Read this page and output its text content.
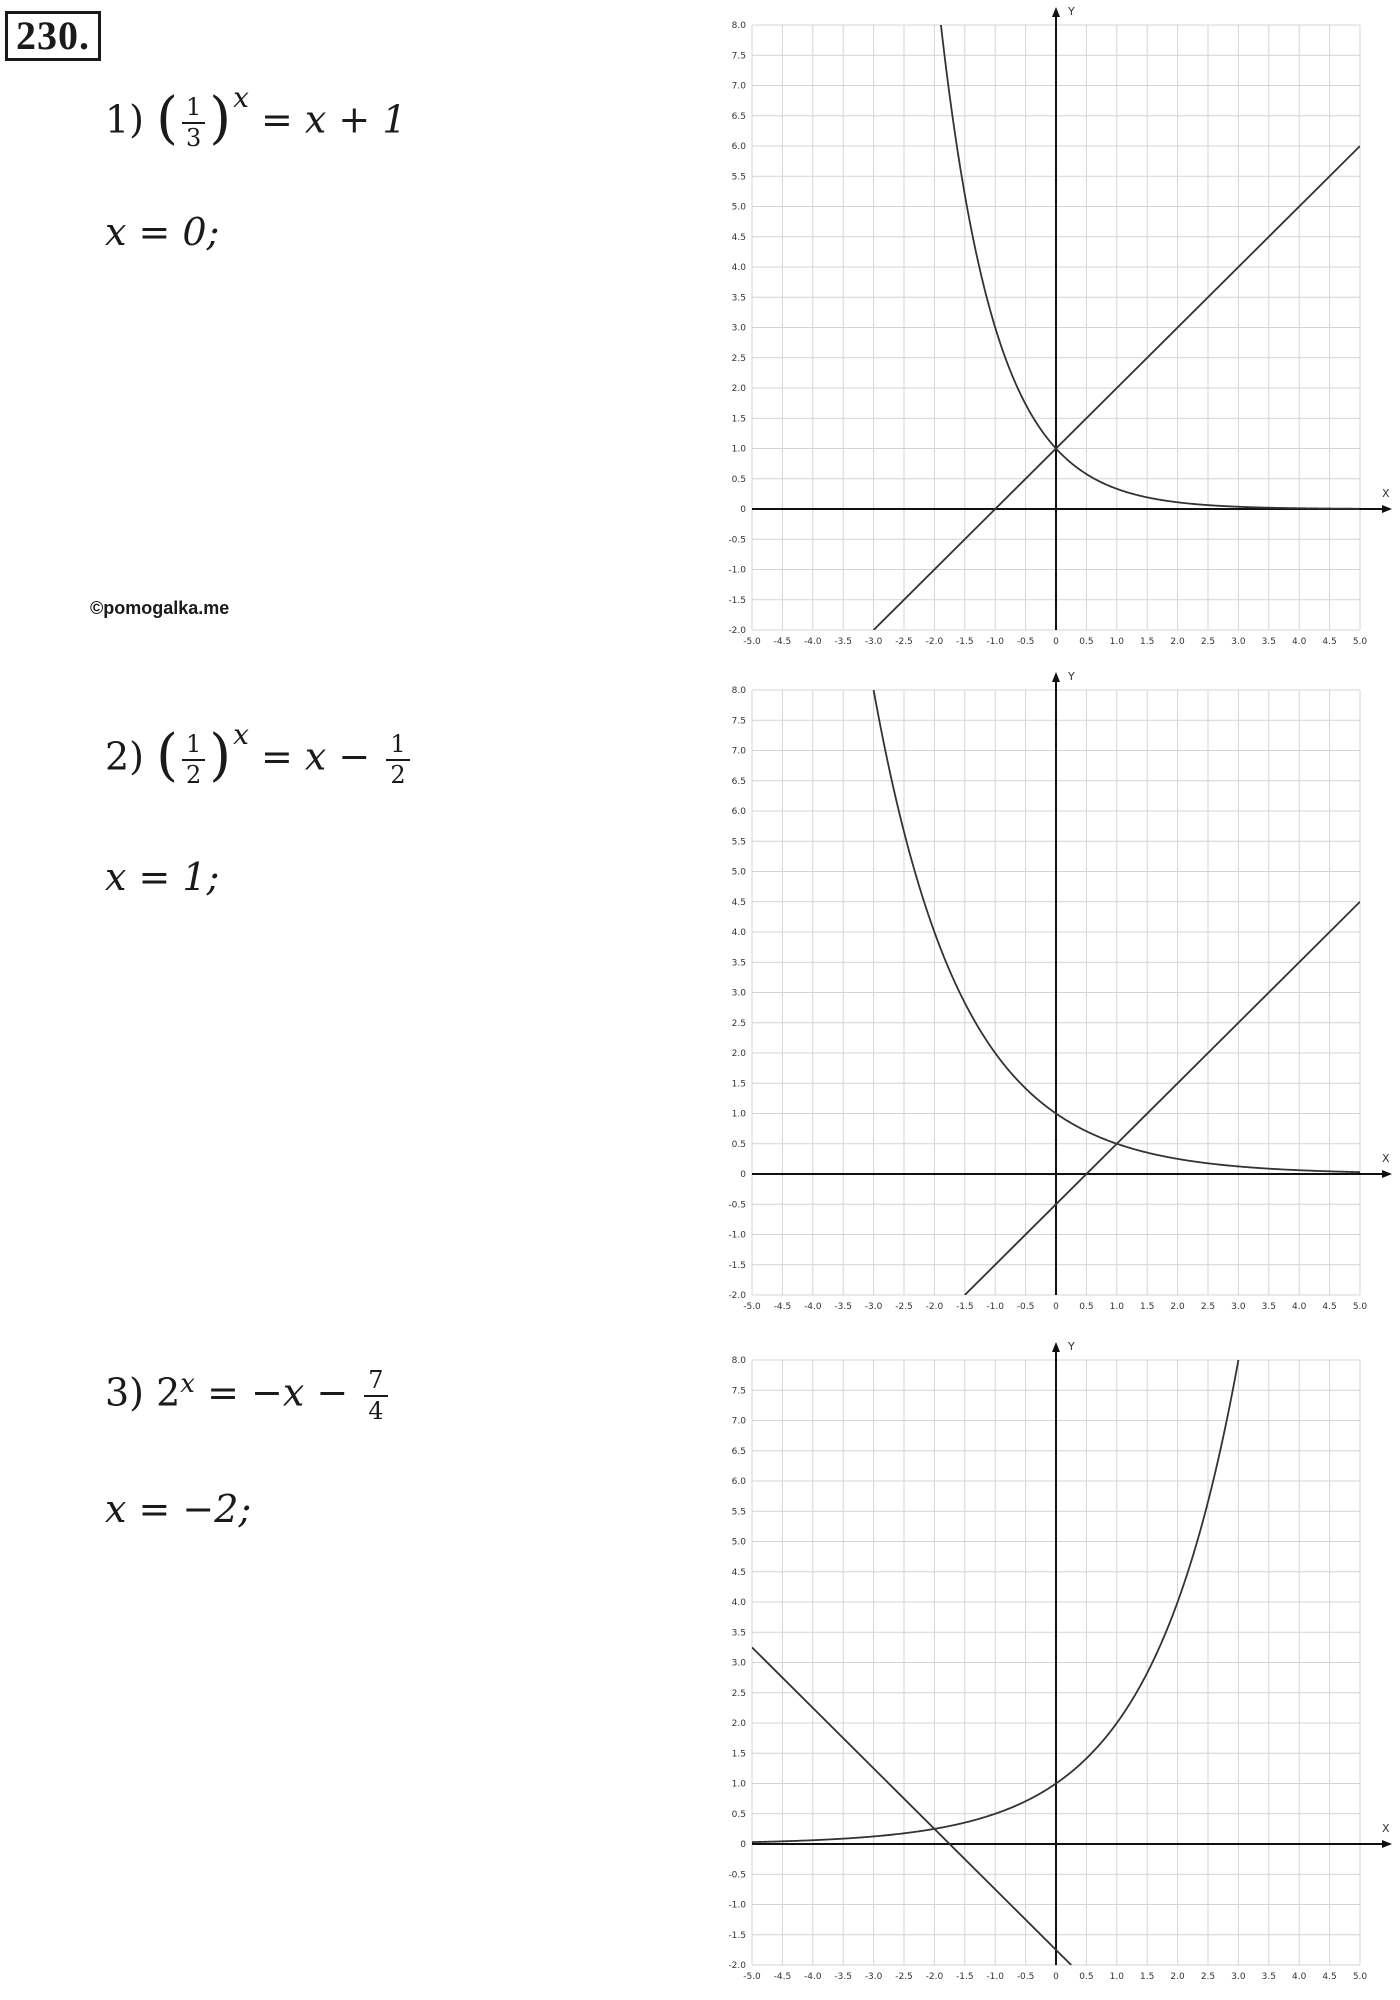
230.
1) ( $\frac{1}{3} )x = x + 1$
x = 0;
©pomogalka.me
2) ( $\frac{1}{2} )x = x - \frac{1}{2}$
x = 1;
3) $2^x = -x - \frac{7}{4}$
x = −2;
-5.0 -4.5 -4.0 -3.5 -3.0 -2.5 -2.0 -1.5 -1.0 -0.5 0 0.5 1.0 1.5 2.0 2.5 3.0 3.5 4.0 4.5 5.0
-2.0
-1.5
-1.0
-0.5
0
0.5
1.0
1.5
2.0
2.5
3.0
3.5
4.0
4.5
5.0
5.5
6.0
6.5
7.0
7.5
8.0
X
Y
-5.0 -4.5 -4.0 -3.5 -3.0 -2.5 -2.0 -1.5 -1.0 -0.5 0 0.5 1.0 1.5 2.0 2.5 3.0 3.5 4.0 4.5 5.0
-2.0
-1.5
-1.0
-0.5
0
0.5
1.0
1.5
2.0
2.5
3.0
3.5
4.0
4.5
5.0
5.5
6.0
6.5
7.0
7.5
8.0
X
Y
-5.0 -4.5 -4.0 -3.5 -3.0 -2.5 -2.0 -1.5 -1.0 -0.5 0 0.5 1.0 1.5 2.0 2.5 3.0 3.5 4.0 4.5 5.0
-2.0
-1.5
-1.0
-0.5
0
0.5
1.0
1.5
2.0
2.5
3.0
3.5
4.0
4.5
5.0
5.5
6.0
6.5
7.0
7.5
8.0
X
Y
